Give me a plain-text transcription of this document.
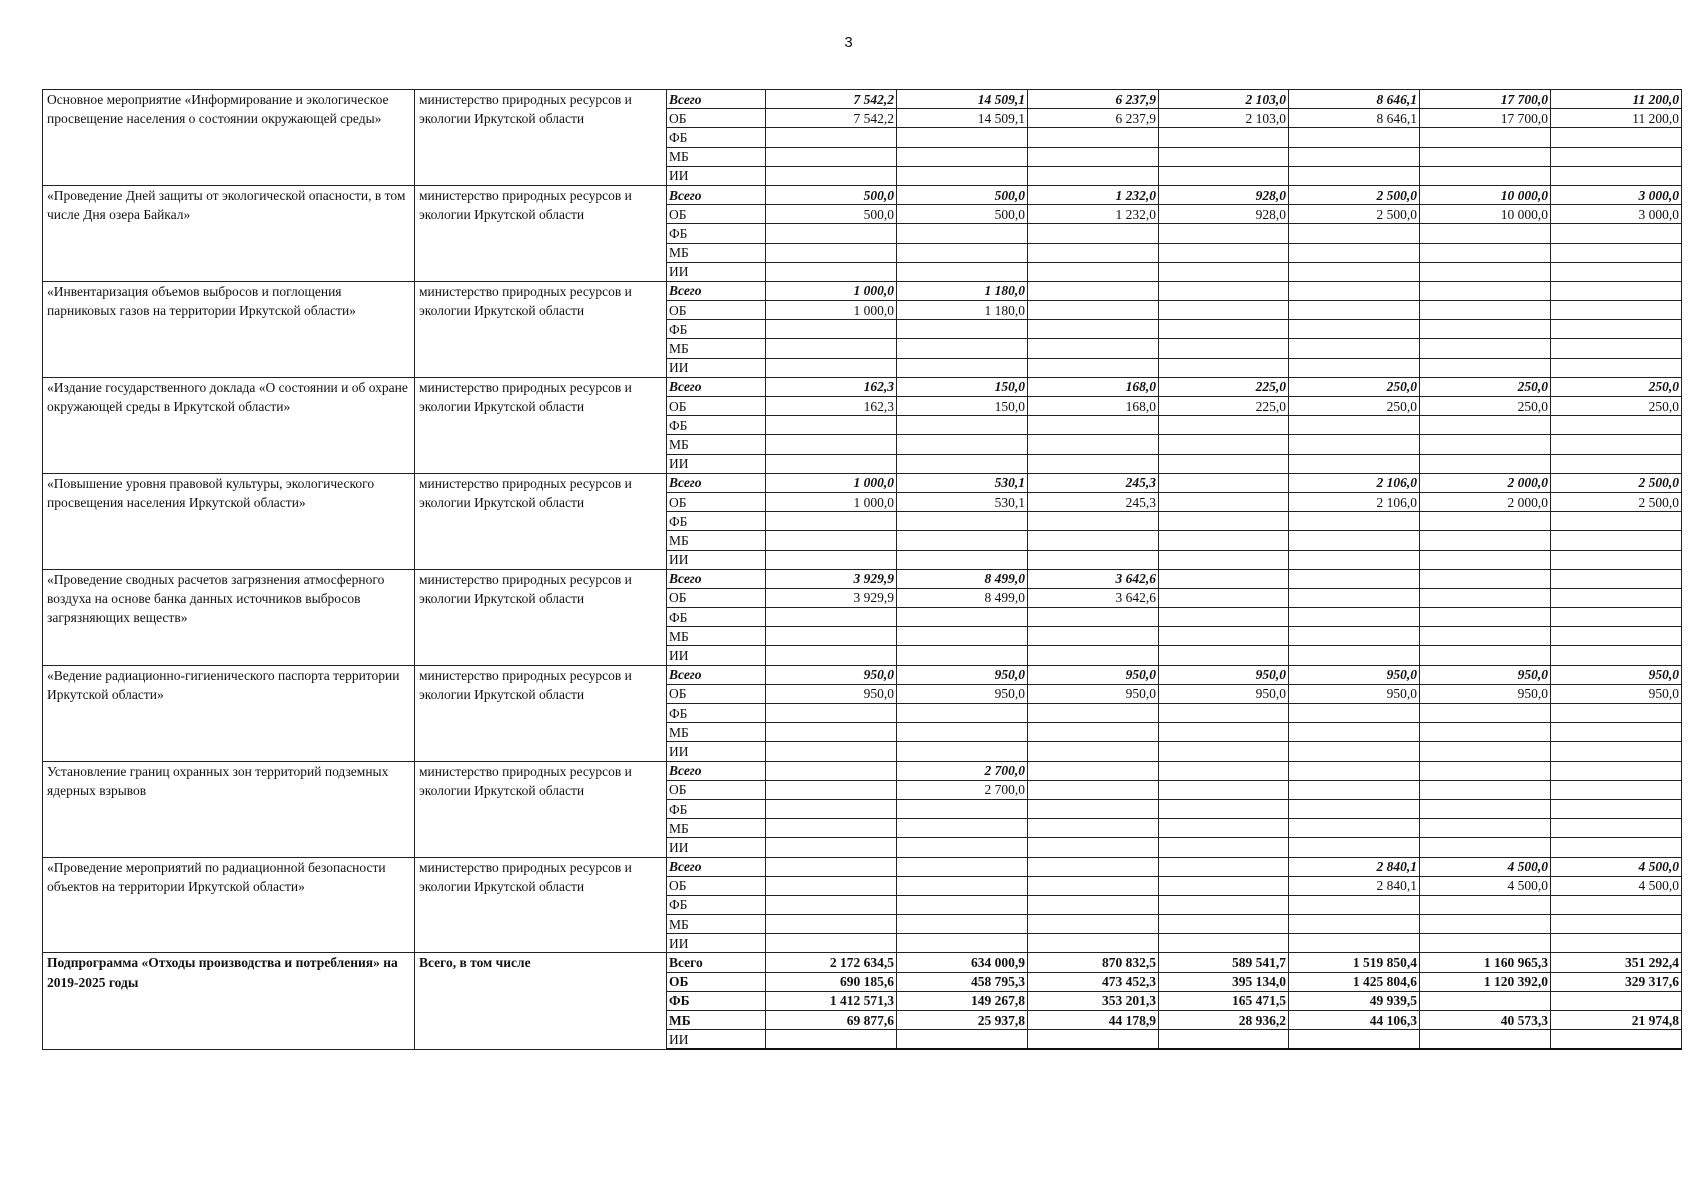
3
Основное мероприятие «Информирование и экологическое просвещение населения о состоянии окружающей среды»	министерство природных ресурсов и экологии Иркутской области	Всего	7 542,2	14 509,1	6 237,9	2 103,0	8 646,1	17 700,0	11 200,0
		ОБ	7 542,2	14 509,1	6 237,9	2 103,0	8 646,1	17 700,0	11 200,0
		ФБ							
		МБ							
		ИИ							
«Проведение Дней защиты от экологической опасности, в том числе Дня озера Байкал»	министерство природных ресурсов и экологии Иркутской области	Всего	500,0	500,0	1 232,0	928,0	2 500,0	10 000,0	3 000,0
		ОБ	500,0	500,0	1 232,0	928,0	2 500,0	10 000,0	3 000,0
		ФБ							
		МБ							
		ИИ							
«Инвентаризация объемов выбросов и поглощения парниковых газов на территории Иркутской области»	министерство природных ресурсов и экологии Иркутской области	Всего	1 000,0	1 180,0					
		ОБ	1 000,0	1 180,0					
		ФБ							
		МБ							
		ИИ							
«Издание государственного доклада «О состоянии и об охране окружающей среды в Иркутской области»	министерство природных ресурсов и экологии Иркутской области	Всего	162,3	150,0	168,0	225,0	250,0	250,0	250,0
		ОБ	162,3	150,0	168,0	225,0	250,0	250,0	250,0
		ФБ							
		МБ							
		ИИ							
«Повышение уровня правовой культуры, экологического просвещения населения Иркутской области»	министерство природных ресурсов и экологии Иркутской области	Всего	1 000,0	530,1	245,3		2 106,0	2 000,0	2 500,0
		ОБ	1 000,0	530,1	245,3		2 106,0	2 000,0	2 500,0
		ФБ							
		МБ							
		ИИ							
«Проведение сводных расчетов загрязнения атмосферного воздуха на основе банка данных источников выбросов загрязняющих веществ»	министерство природных ресурсов и экологии Иркутской области	Всего	3 929,9	8 499,0	3 642,6				
		ОБ	3 929,9	8 499,0	3 642,6				
		ФБ							
		МБ							
		ИИ							
«Ведение радиационно-гигиенического паспорта территории Иркутской области»	министерство природных ресурсов и экологии Иркутской области	Всего	950,0	950,0	950,0	950,0	950,0	950,0	950,0
		ОБ	950,0	950,0	950,0	950,0	950,0	950,0	950,0
		ФБ							
		МБ							
		ИИ							
Установление границ охранных зон территорий подземных ядерных взрывов	министерство природных ресурсов и экологии Иркутской области	Всего		2 700,0					
		ОБ		2 700,0					
		ФБ							
		МБ							
		ИИ							
«Проведение мероприятий по радиационной безопасности объектов на территории Иркутской области»	министерство природных ресурсов и экологии Иркутской области	Всего					2 840,1	4 500,0	4 500,0
		ОБ					2 840,1	4 500,0	4 500,0
		ФБ							
		МБ							
		ИИ							
Подпрограмма «Отходы производства и потребления» на 2019-2025 годы	Всего, в том числе	Всего	2 172 634,5	634 000,9	870 832,5	589 541,7	1 519 850,4	1 160 965,3	351 292,4
		ОБ	690 185,6	458 795,3	473 452,3	395 134,0	1 425 804,6	1 120 392,0	329 317,6
		ФБ	1 412 571,3	149 267,8	353 201,3	165 471,5	49 939,5		
		МБ	69 877,6	25 937,8	44 178,9	28 936,2	44 106,3	40 573,3	21 974,8
		ИИ							
